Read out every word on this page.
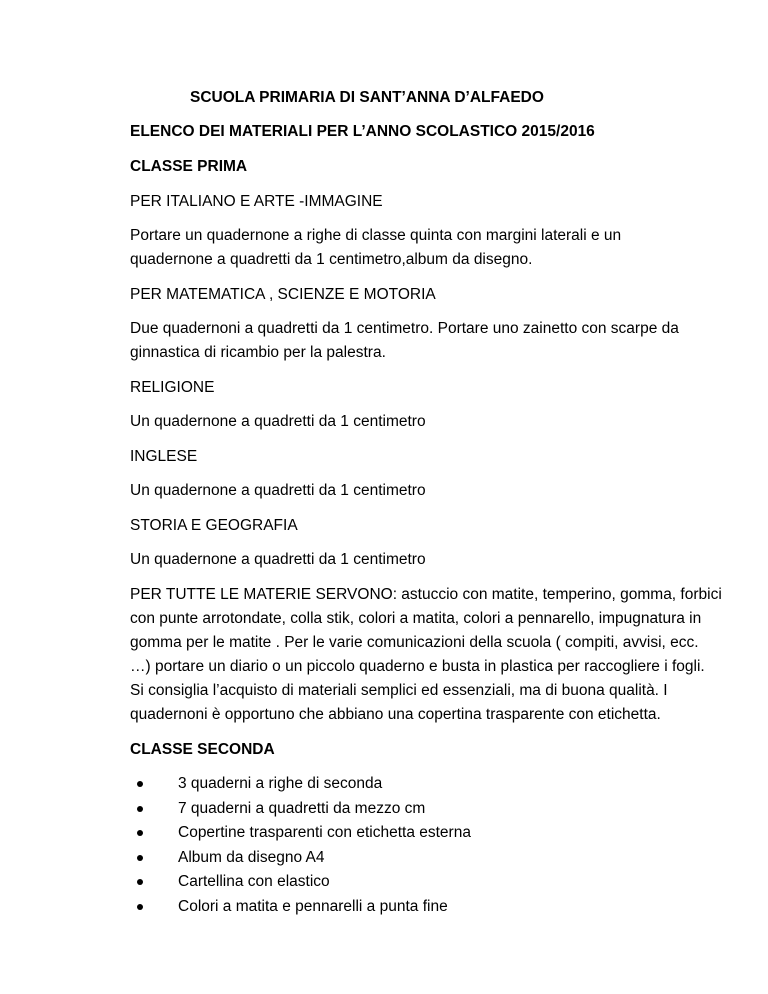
SCUOLA PRIMARIA DI SANT’ANNA D’ALFAEDO
ELENCO DEI MATERIALI PER L’ANNO SCOLASTICO 2015/2016
CLASSE PRIMA
PER ITALIANO E ARTE -IMMAGINE
Portare un quadernone a righe di classe quinta con margini laterali e un
quadernone a quadretti da 1 centimetro,album da disegno.
PER MATEMATICA , SCIENZE E MOTORIA
Due quadernoni a quadretti da 1 centimetro. Portare uno zainetto con scarpe da
ginnastica di ricambio per la palestra.
RELIGIONE
Un quadernone a quadretti da 1 centimetro
INGLESE
Un quadernone a quadretti da 1 centimetro
STORIA E GEOGRAFIA
Un quadernone a quadretti da 1 centimetro
PER TUTTE LE MATERIE SERVONO: astuccio con matite, temperino, gomma, forbici
con punte arrotondate, colla stik, colori a matita, colori a pennarello, impugnatura in
gomma per le matite . Per le varie comunicazioni della scuola ( compiti, avvisi, ecc.
…) portare un diario o un piccolo quaderno e busta in plastica per raccogliere i fogli.
Si consiglia l’acquisto di materiali semplici ed essenziali, ma di buona qualità. I
quadernoni è opportuno che abbiano una copertina trasparente con etichetta.
CLASSE SECONDA
3 quaderni a righe di seconda
7 quaderni a quadretti da mezzo cm
Copertine trasparenti con etichetta esterna
Album da disegno A4
Cartellina con elastico
Colori a matita e pennarelli a punta fine
